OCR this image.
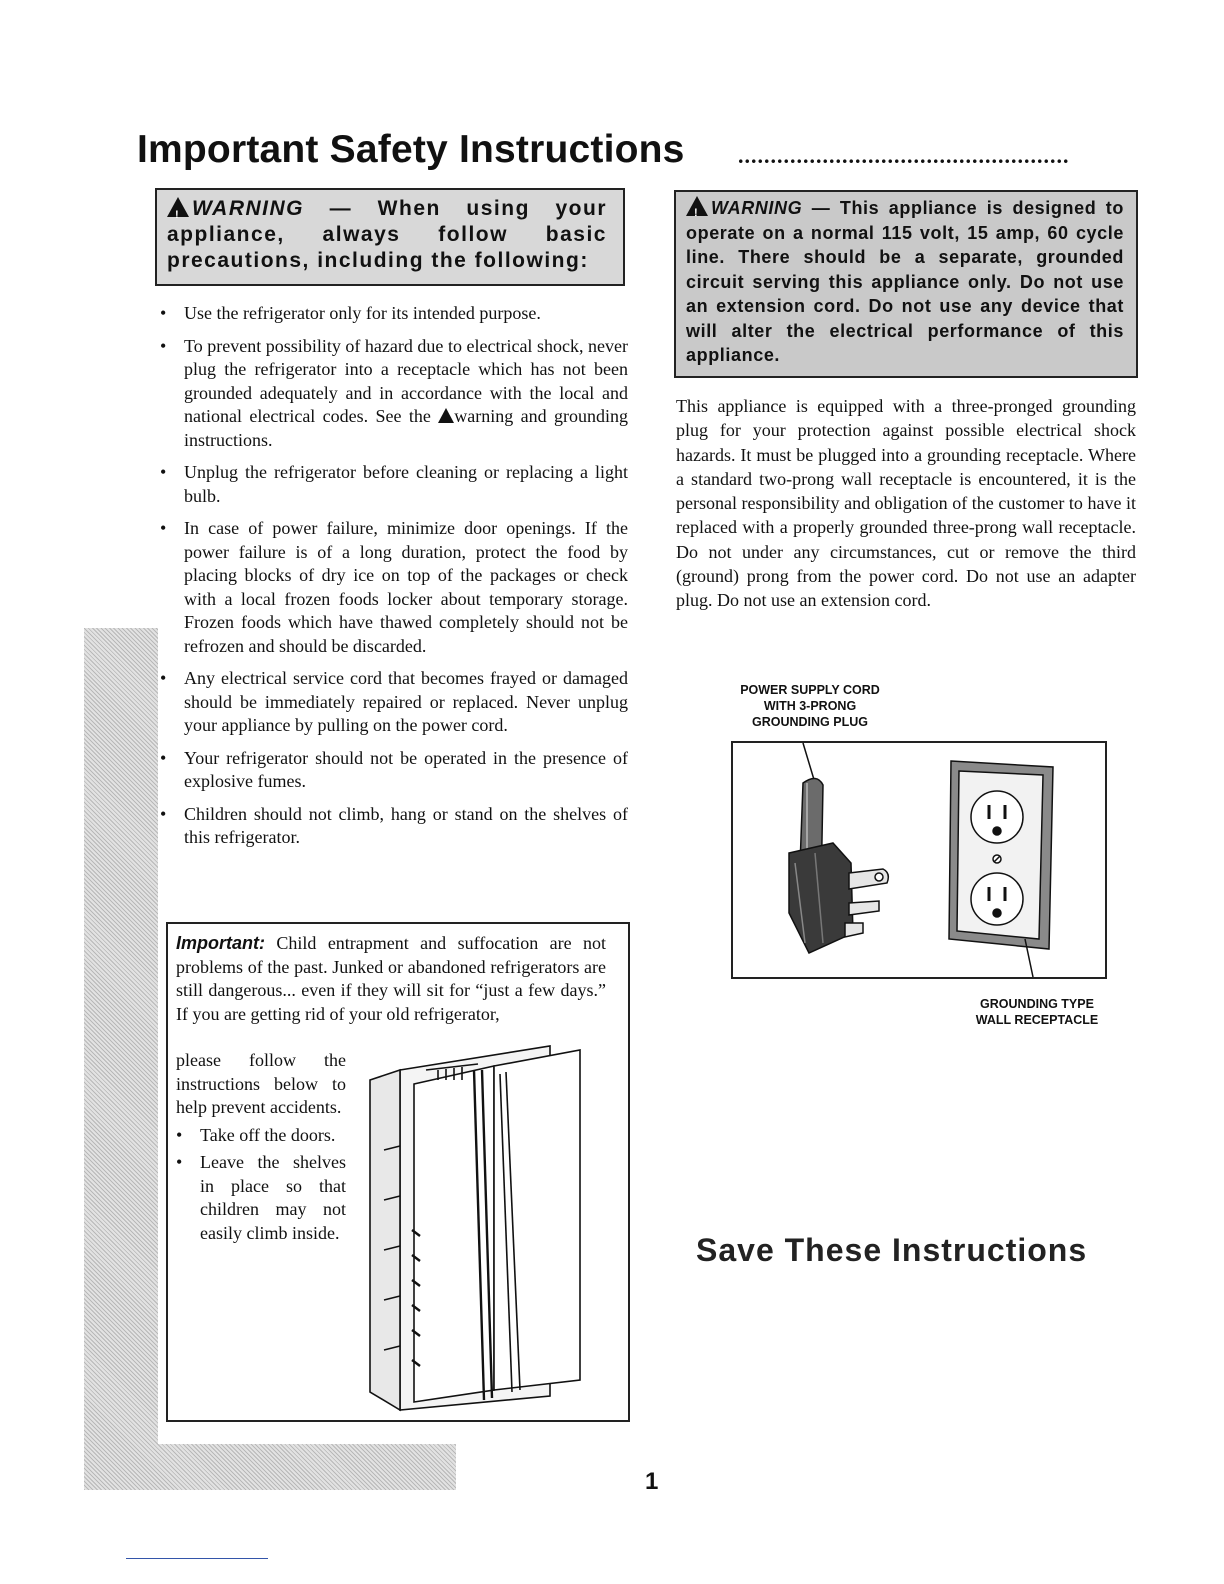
Important Safety Instructions ...................................................
!WARNING — When using your appliance, always follow basic precautions, including the following:
• Use the refrigerator only for its intended purpose.
• To prevent possibility of hazard due to electrical shock, never plug the refrigerator into a receptacle which has not been grounded adequately and in accordance with the local and national electrical codes. See the warning and grounding instructions.
• Unplug the refrigerator before cleaning or replacing a light bulb.
• In case of power failure, minimize door openings. If the power failure is of a long duration, protect the food by placing blocks of dry ice on top of the packages or check with a local frozen foods locker about temporary storage. Frozen foods which have thawed completely should not be refrozen and should be discarded.
• Any electrical service cord that becomes frayed or damaged should be immediately repaired or replaced. Never unplug your appliance by pulling on the power cord.
• Your refrigerator should not be operated in the presence of explosive fumes.
• Children should not climb, hang or stand on the shelves of this refrigerator.
Important: Child entrapment and suffocation are not problems of the past. Junked or abandoned refrigerators are still dangerous... even if they will sit for “just a few days.” If you are getting rid of your old refrigerator,
please follow the instructions below to help prevent accidents.
• Take off the doors.
• Leave the shelves in place so that children may not easily climb inside.
!WARNING — This appliance is designed to operate on a normal 115 volt, 15 amp, 60 cycle line. There should be a separate, grounded circuit serving this appliance only. Do not use an extension cord. Do not use any device that will alter the electrical performance of this appliance.

This appliance is equipped with a three-pronged grounding plug for your protection against possible electrical shock hazards. It must be plugged into a grounding receptacle. Where a standard two-prong wall receptacle is encountered, it is the personal responsibility and obligation of the customer to have it replaced with a properly grounded three-prong wall receptacle. Do not under any circumstances, cut or remove the third (ground) prong from the power cord. Do not use an adapter plug. Do not use an extension cord.

POWER SUPPLY CORD
WITH 3-PRONG
GROUNDING PLUG
GROUNDING TYPE
WALL RECEPTACLE
Save These Instructions
1
